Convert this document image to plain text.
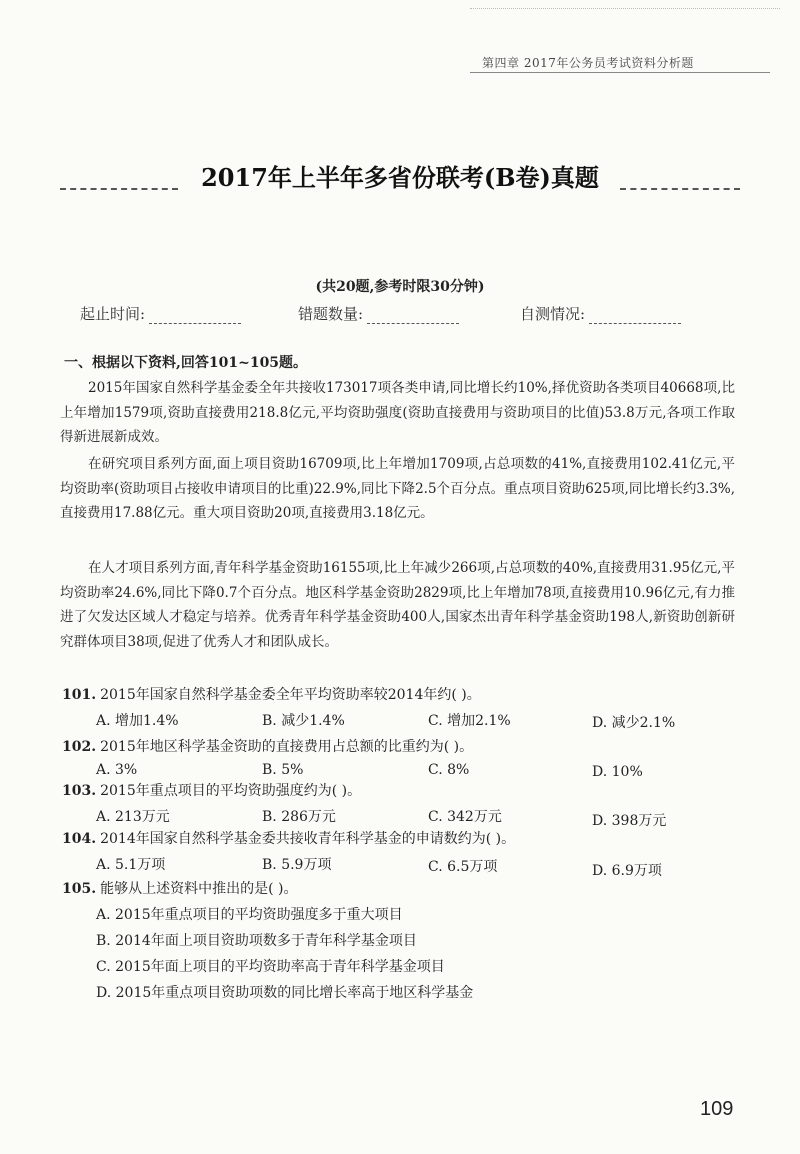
第四章 2017年公务员考试资料分析题
2017年上半年多省份联考(B卷)真题
(共20题,参考时限30分钟)
起止时间:	错题数量:	自测情况:
一、根据以下资料,回答101~105题。
2015年国家自然科学基金委全年共接收173017项各类申请,同比增长约10%,择优资助各类项目40668项,比上年增加1579项,资助直接费用218.8亿元,平均资助强度(资助直接费用与资助项目的比值)53.8万元,各项工作取得新进展新成效。
在研究项目系列方面,面上项目资助16709项,比上年增加1709项,占总项数的41%,直接费用102.41亿元,平均资助率(资助项目占接收申请项目的比重)22.9%,同比下降2.5个百分点。重点项目资助625项,同比增长约3.3%,直接费用17.88亿元。重大项目资助20项,直接费用3.18亿元。
在人才项目系列方面,青年科学基金资助16155项,比上年减少266项,占总项数的40%,直接费用31.95亿元,平均资助率24.6%,同比下降0.7个百分点。地区科学基金资助2829项,比上年增加78项,直接费用10.96亿元,有力推进了欠发达区域人才稳定与培养。优秀青年科学基金资助400人,国家杰出青年科学基金资助198人,新资助创新研究群体项目38项,促进了优秀人才和团队成长。
101. 2015年国家自然科学基金委全年平均资助率较2014年约( )。
A. 增加1.4%	B. 减少1.4%	C. 增加2.1%	D. 减少2.1%
102. 2015年地区科学基金资助的直接费用占总额的比重约为( )。
A. 3%	B. 5%	C. 8%	D. 10%
103. 2015年重点项目的平均资助强度约为( )。
A. 213万元	B. 286万元	C. 342万元	D. 398万元
104. 2014年国家自然科学基金委共接收青年科学基金的申请数约为( )。
A. 5.1万项	B. 5.9万项	C. 6.5万项	D. 6.9万项
105. 能够从上述资料中推出的是( )。
A. 2015年重点项目的平均资助强度多于重大项目
B. 2014年面上项目资助项数多于青年科学基金项目
C. 2015年面上项目的平均资助率高于青年科学基金项目
D. 2015年重点项目资助项数的同比增长率高于地区科学基金
109
